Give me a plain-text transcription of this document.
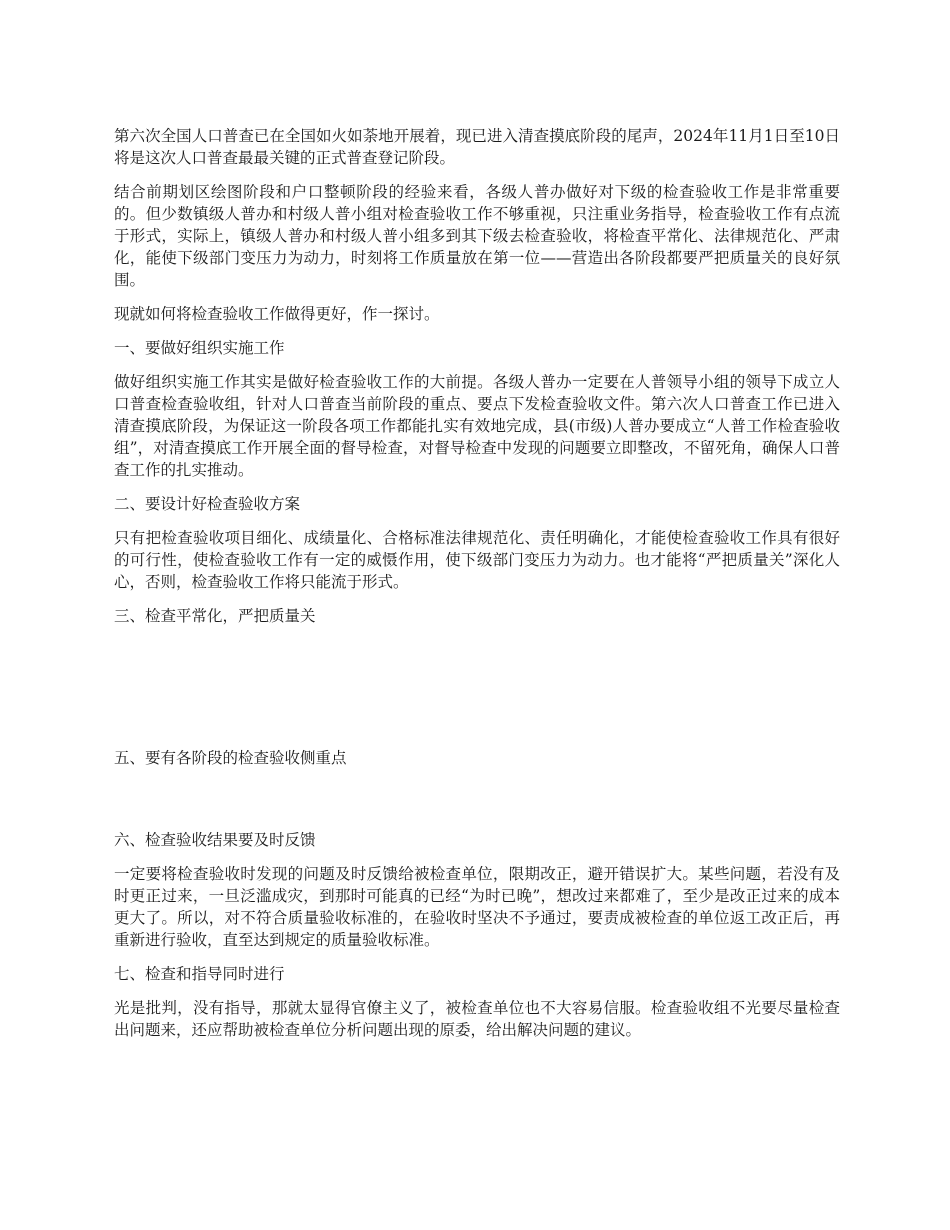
第六次全国人口普查已在全国如火如荼地开展着，现已进入清查摸底阶段的尾声，2024年11月1日至10日将是这次人口普查最最关键的正式普查登记阶段。

结合前期划区绘图阶段和户口整顿阶段的经验来看，各级人普办做好对下级的检查验收工作是非常重要的。但少数镇级人普办和村级人普小组对检查验收工作不够重视，只注重业务指导，检查验收工作有点流于形式，实际上，镇级人普办和村级人普小组多到其下级去检查验收，将检查平常化、法律规范化、严肃化，能使下级部门变压力为动力，时刻将工作质量放在第一位——营造出各阶段都要严把质量关的良好氛围。

现就如何将检查验收工作做得更好，作一探讨。

一、要做好组织实施工作

做好组织实施工作其实是做好检查验收工作的大前提。各级人普办一定要在人普领导小组的领导下成立人口普查检查验收组，针对人口普查当前阶段的重点、要点下发检查验收文件。第六次人口普查工作已进入清查摸底阶段，为保证这一阶段各项工作都能扎实有效地完成，县(市级)人普办要成立“人普工作检查验收组”，对清查摸底工作开展全面的督导检查，对督导检查中发现的问题要立即整改，不留死角，确保人口普查工作的扎实推动。

二、要设计好检查验收方案

只有把检查验收项目细化、成绩量化、合格标准法律规范化、责任明确化，才能使检查验收工作具有很好的可行性，使检查验收工作有一定的威慑作用，使下级部门变压力为动力。也才能将“严把质量关”深化人心，否则，检查验收工作将只能流于形式。

三、检查平常化，严把质量关

五、要有各阶段的检查验收侧重点

六、检查验收结果要及时反馈

一定要将检查验收时发现的问题及时反馈给被检查单位，限期改正，避开错误扩大。某些问题，若没有及时更正过来，一旦泛滥成灾，到那时可能真的已经“为时已晚”，想改过来都难了，至少是改正过来的成本更大了。所以，对不符合质量验收标准的，在验收时坚决不予通过，要责成被检查的单位返工改正后，再重新进行验收，直至达到规定的质量验收标准。

七、检查和指导同时进行

光是批判，没有指导，那就太显得官僚主义了，被检查单位也不大容易信服。检查验收组不光要尽量检查出问题来，还应帮助被检查单位分析问题出现的原委，给出解决问题的建议。
